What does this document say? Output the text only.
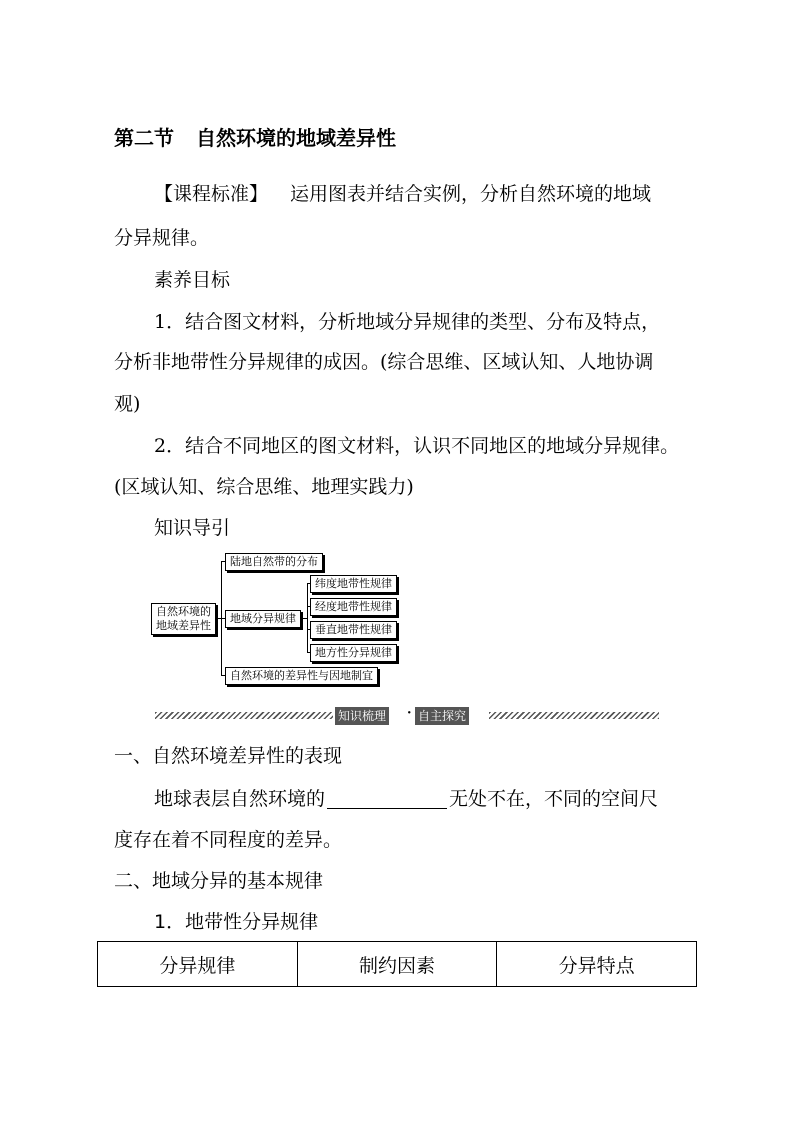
第二节 自然环境的地域差异性
【课程标准】 运用图表并结合实例，分析自然环境的地域
分异规律。
素养目标
1．结合图文材料，分析地域分异规律的类型、分布及特点，
分析非地带性分异规律的成因。(综合思维、区域认知、人地协调
观)
2．结合不同地区的图文材料，认识不同地区的地域分异规律。
(区域认知、综合思维、地理实践力)
知识导引
自然环境的
地域差异性
陆地自然带的分布
地域分异规律
自然环境的差异性与因地制宜
纬度地带性规律
经度地带性规律
垂直地带性规律
地方性分异规律
知识梳理 · 自主探究
一、自然环境差异性的表现
地球表层自然环境的	无处不在，不同的空间尺
度存在着不同程度的差异。
二、地域分异的基本规律
1．地带性分异规律
分异规律	制约因素	分异特点
